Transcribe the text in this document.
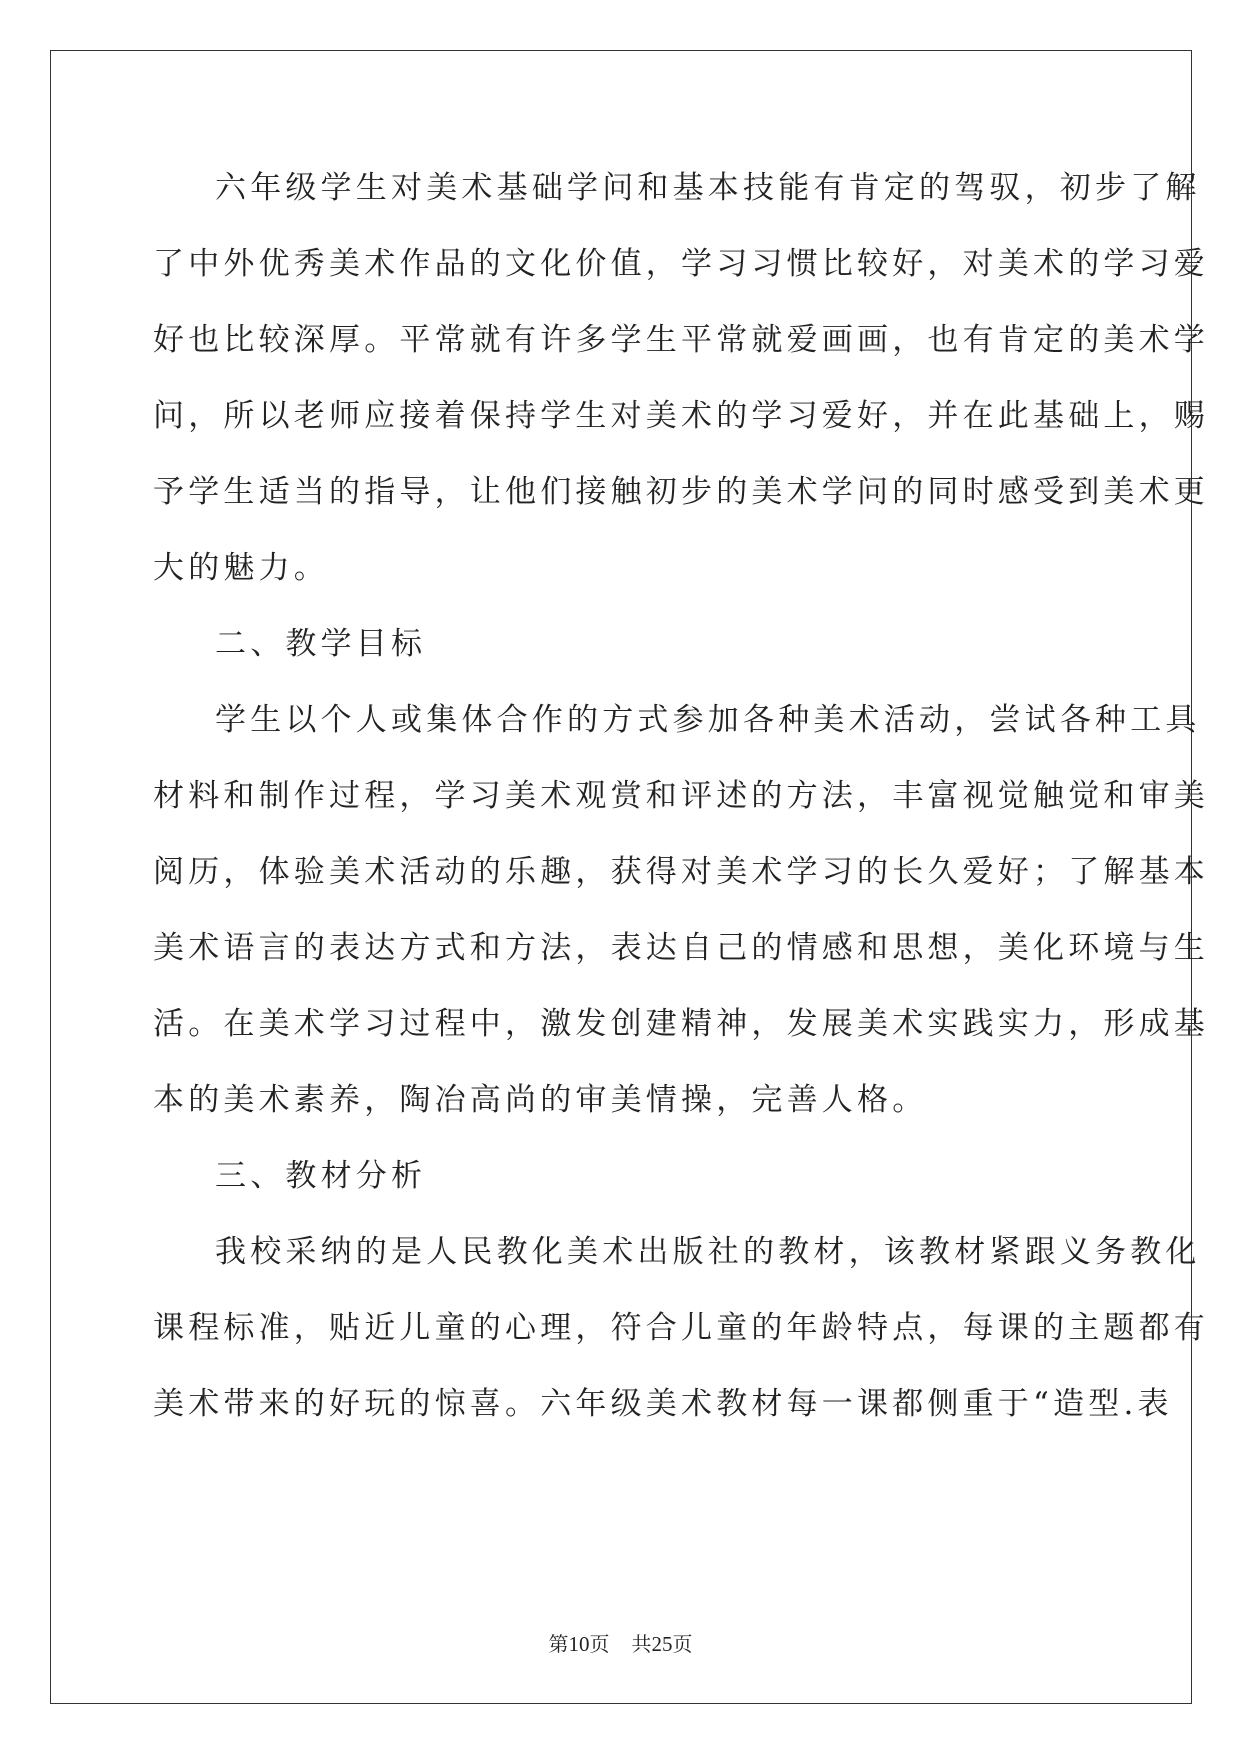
六年级学生对美术基础学问和基本技能有肯定的驾驭，初步了解
了中外优秀美术作品的文化价值，学习习惯比较好，对美术的学习爱
好也比较深厚。平常就有许多学生平常就爱画画，也有肯定的美术学
问，所以老师应接着保持学生对美术的学习爱好，并在此基础上，赐
予学生适当的指导，让他们接触初步的美术学问的同时感受到美术更
大的魅力。
二、教学目标
学生以个人或集体合作的方式参加各种美术活动，尝试各种工具
材料和制作过程，学习美术观赏和评述的方法，丰富视觉触觉和审美
阅历，体验美术活动的乐趣，获得对美术学习的长久爱好；了解基本
美术语言的表达方式和方法，表达自己的情感和思想，美化环境与生
活。在美术学习过程中，激发创建精神，发展美术实践实力，形成基
本的美术素养，陶冶高尚的审美情操，完善人格。
三、教材分析
我校采纳的是人民教化美术出版社的教材，该教材紧跟义务教化
课程标准，贴近儿童的心理，符合儿童的年龄特点，每课的主题都有
美术带来的好玩的惊喜。六年级美术教材每一课都侧重于“造型.表
第10页 共25页
